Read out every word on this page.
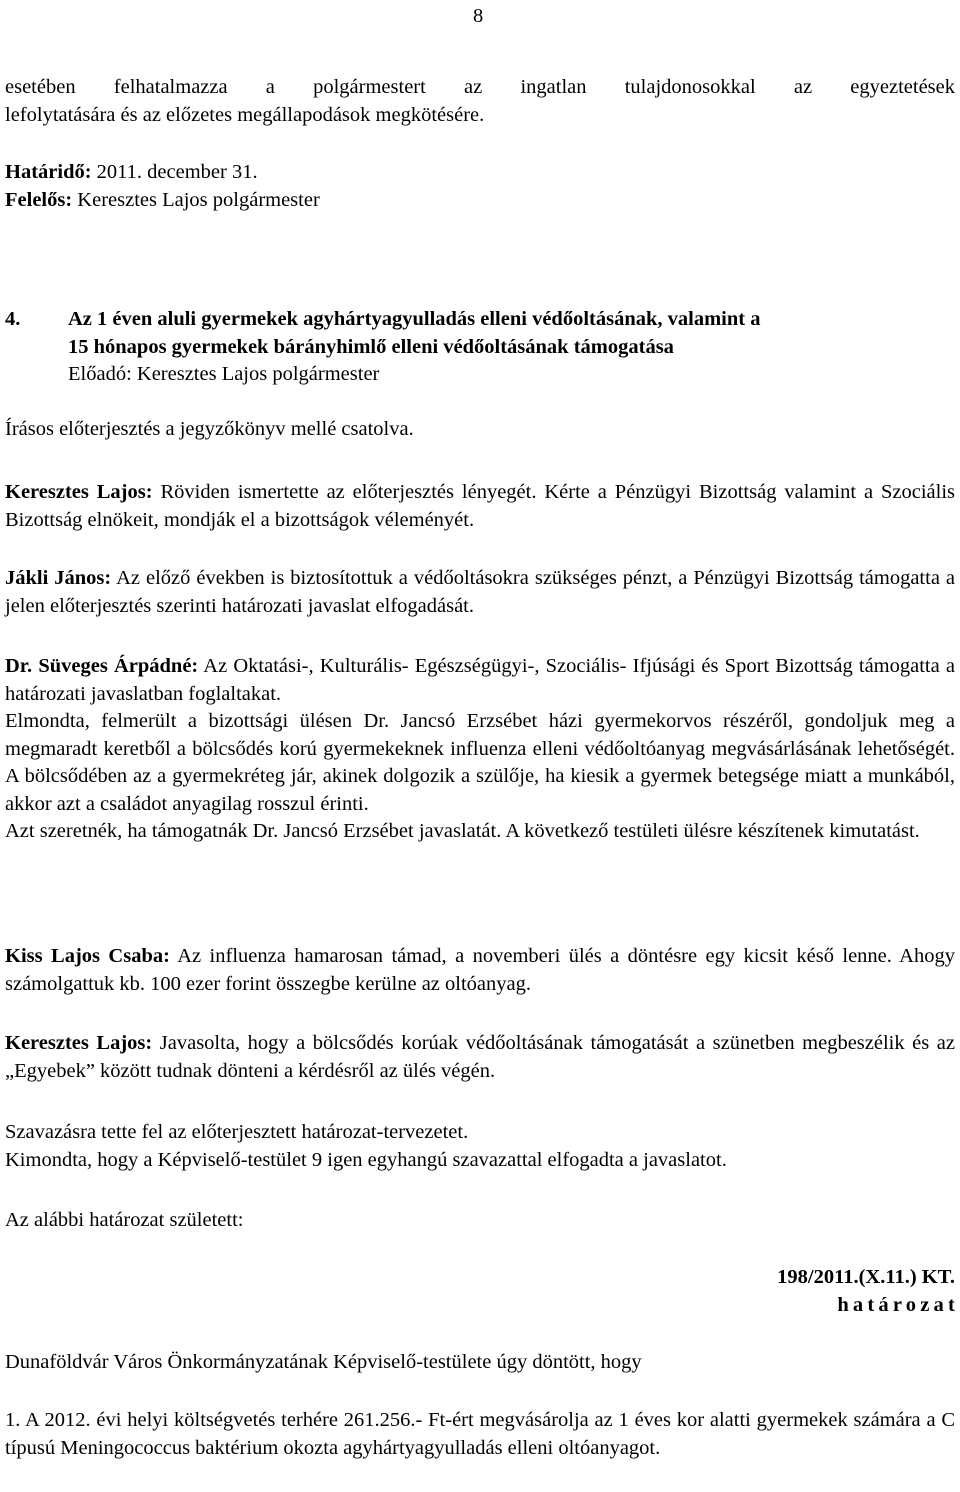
8

esetében felhatalmazza a polgármestert az ingatlan tulajdonosokkal az egyeztetések

lefolytatására és az előzetes megállapodások megkötésére.

Határidő: 2011. december 31.

Felelős: Keresztes Lajos polgármester

4. Az 1 éven aluli gyermekek agyhártyagyulladás elleni védőoltásának, valamint a

15 hónapos gyermekek bárányhimlő elleni védőoltásának támogatása

Előadó: Keresztes Lajos polgármester

Írásos előterjesztés a jegyzőkönyv mellé csatolva.

Keresztes Lajos: Röviden ismertette az előterjesztés lényegét. Kérte a Pénzügyi Bizottság valamint a Szociális Bizottság elnökeit, mondják el a bizottságok véleményét.

Jákli János: Az előző években is biztosítottuk a védőoltásokra szükséges pénzt, a Pénzügyi Bizottság támogatta a jelen előterjesztés szerinti határozati javaslat elfogadását.

Dr. Süveges Árpádné: Az Oktatási-, Kulturális- Egészségügyi-, Szociális- Ifjúsági és Sport Bizottság támogatta a határozati javaslatban foglaltakat.

Elmondta, felmerült a bizottsági ülésen Dr. Jancsó Erzsébet házi gyermekorvos részéről, gondoljuk meg a megmaradt keretből a bölcsődés korú gyermekeknek influenza elleni védőoltóanyag megvásárlásának lehetőségét. A bölcsődében az a gyermekréteg jár, akinek dolgozik a szülője, ha kiesik a gyermek betegsége miatt a munkából, akkor azt a családot anyagilag rosszul érinti.

Azt szeretnék, ha támogatnák Dr. Jancsó Erzsébet javaslatát. A következő testületi ülésre készítenek kimutatást.

Kiss Lajos Csaba: Az influenza hamarosan támad, a novemberi ülés a döntésre egy kicsit késő lenne. Ahogy számolgattuk kb. 100 ezer forint összegbe kerülne az oltóanyag.

Keresztes Lajos: Javasolta, hogy a bölcsődés korúak védőoltásának támogatását a szünetben megbeszélik és az „Egyebek” között tudnak dönteni a kérdésről az ülés végén.

Szavazásra tette fel az előterjesztett határozat-tervezetet.

Kimondta, hogy a Képviselő-testület 9 igen egyhangú szavazattal elfogadta a javaslatot.

Az alábbi határozat született:

198/2011.(X.11.) KT.
határozat

Dunaföldvár Város Önkormányzatának Képviselő-testülete úgy döntött, hogy

1. A 2012. évi helyi költségvetés terhére 261.256.- Ft-ért megvásárolja az 1 éves kor alatti gyermekek számára a C típusú Meningococcus baktérium okozta agyhártyagyulladás elleni oltóanyagot.
